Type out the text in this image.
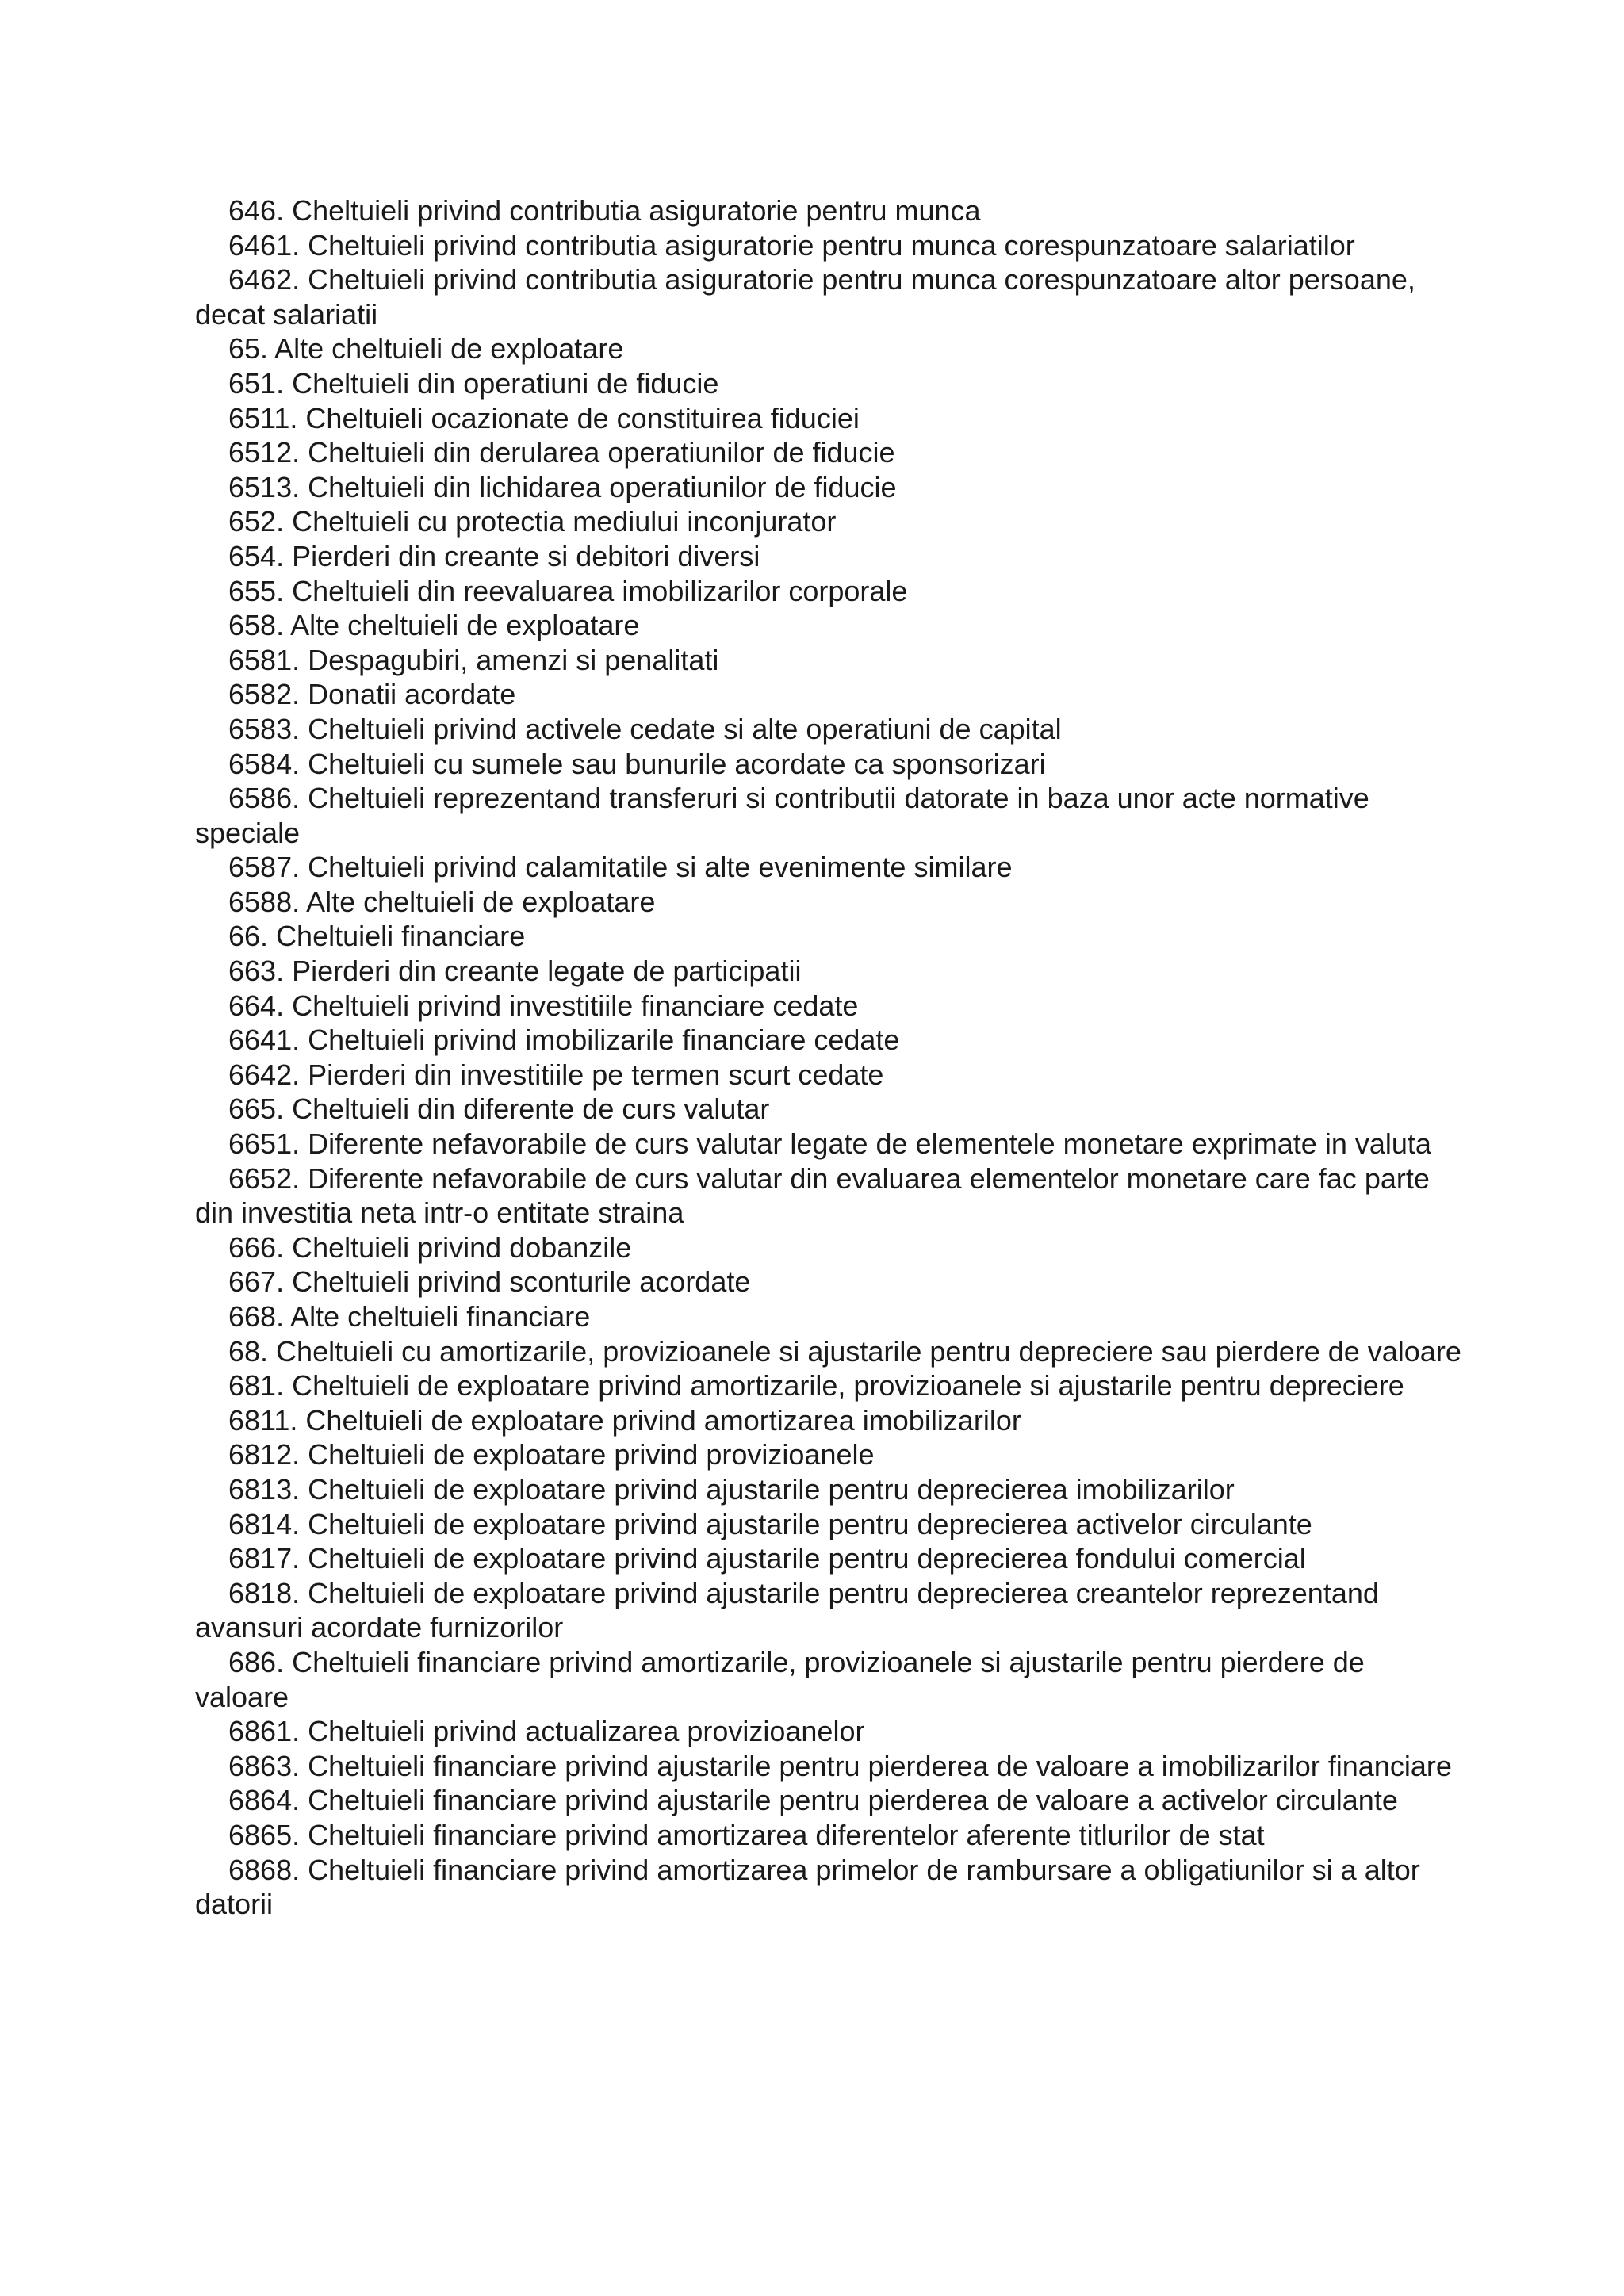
646. Cheltuieli privind contributia asiguratorie pentru munca

6461. Cheltuieli privind contributia asiguratorie pentru munca corespunzatoare salariatilor

6462. Cheltuieli privind contributia asiguratorie pentru munca corespunzatoare altor persoane, decat salariatii

65. Alte cheltuieli de exploatare

651. Cheltuieli din operatiuni de fiducie

6511. Cheltuieli ocazionate de constituirea fiduciei

6512. Cheltuieli din derularea operatiunilor de fiducie

6513. Cheltuieli din lichidarea operatiunilor de fiducie

652. Cheltuieli cu protectia mediului inconjurator

654. Pierderi din creante si debitori diversi

655. Cheltuieli din reevaluarea imobilizarilor corporale

658. Alte cheltuieli de exploatare

6581. Despagubiri, amenzi si penalitati

6582. Donatii acordate

6583. Cheltuieli privind activele cedate si alte operatiuni de capital

6584. Cheltuieli cu sumele sau bunurile acordate ca sponsorizari

6586. Cheltuieli reprezentand transferuri si contributii datorate in baza unor acte normative speciale

6587. Cheltuieli privind calamitatile si alte evenimente similare

6588. Alte cheltuieli de exploatare

66. Cheltuieli financiare

663. Pierderi din creante legate de participatii

664. Cheltuieli privind investitiile financiare cedate

6641. Cheltuieli privind imobilizarile financiare cedate

6642. Pierderi din investitiile pe termen scurt cedate

665. Cheltuieli din diferente de curs valutar

6651. Diferente nefavorabile de curs valutar legate de elementele monetare exprimate in valuta

6652. Diferente nefavorabile de curs valutar din evaluarea elementelor monetare care fac parte din investitia neta intr-o entitate straina

666. Cheltuieli privind dobanzile

667. Cheltuieli privind sconturile acordate

668. Alte cheltuieli financiare

68. Cheltuieli cu amortizarile, provizioanele si ajustarile pentru depreciere sau pierdere de valoare

681. Cheltuieli de exploatare privind amortizarile, provizioanele si ajustarile pentru depreciere

6811. Cheltuieli de exploatare privind amortizarea imobilizarilor

6812. Cheltuieli de exploatare privind provizioanele

6813. Cheltuieli de exploatare privind ajustarile pentru deprecierea imobilizarilor

6814. Cheltuieli de exploatare privind ajustarile pentru deprecierea activelor circulante

6817. Cheltuieli de exploatare privind ajustarile pentru deprecierea fondului comercial

6818. Cheltuieli de exploatare privind ajustarile pentru deprecierea creantelor reprezentand avansuri acordate furnizorilor

686. Cheltuieli financiare privind amortizarile, provizioanele si ajustarile pentru pierdere de valoare

6861. Cheltuieli privind actualizarea provizioanelor

6863. Cheltuieli financiare privind ajustarile pentru pierderea de valoare a imobilizarilor financiare

6864. Cheltuieli financiare privind ajustarile pentru pierderea de valoare a activelor circulante

6865. Cheltuieli financiare privind amortizarea diferentelor aferente titlurilor de stat

6868. Cheltuieli financiare privind amortizarea primelor de rambursare a obligatiunilor si a altor datorii
